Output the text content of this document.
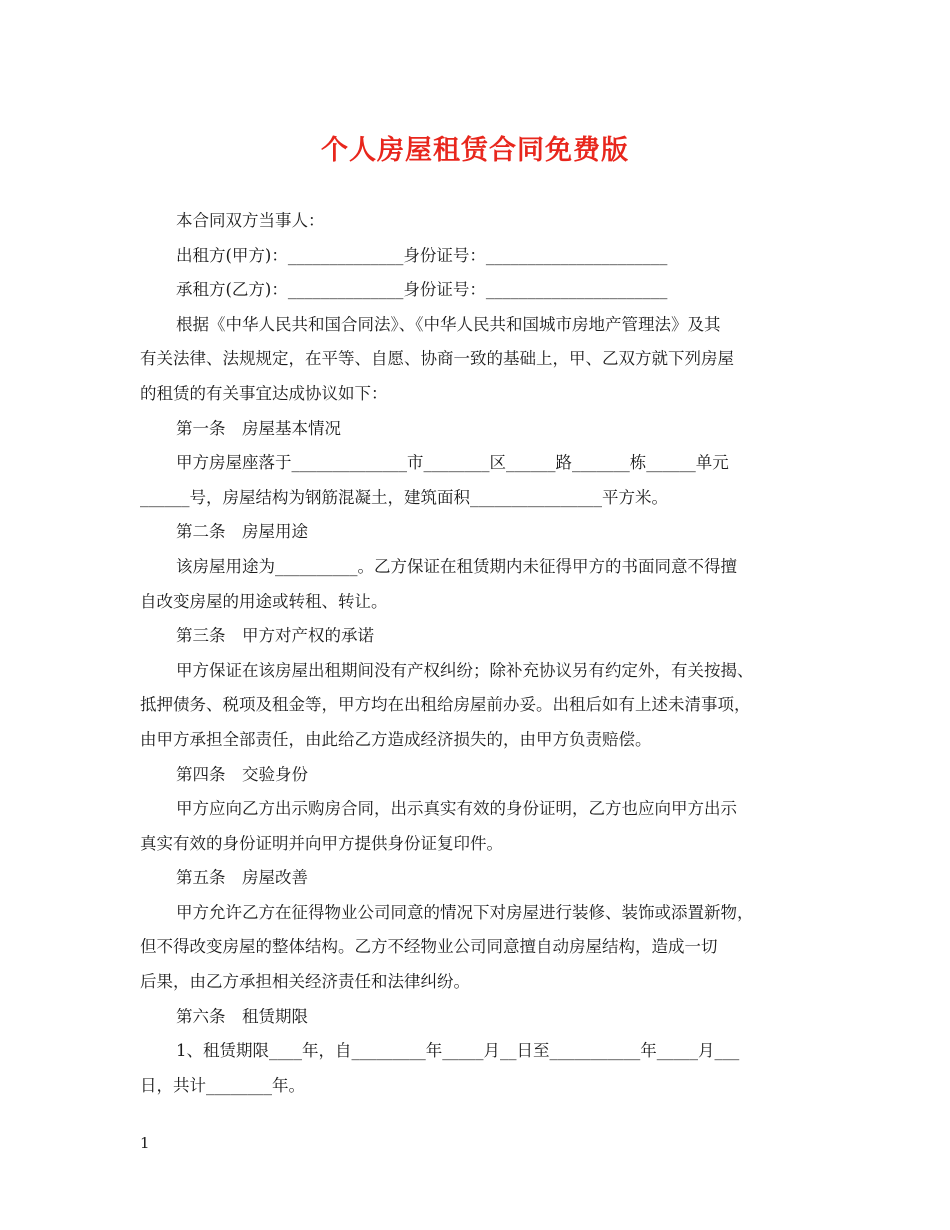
个人房屋租赁合同免费版
本合同双方当事人：
出租方(甲方)：______________身份证号：______________________
承租方(乙方)：______________身份证号：______________________
根据《中华人民共和国合同法》、《中华人民共和国城市房地产管理法》及其
有关法律、法规规定，在平等、自愿、协商一致的基础上，甲、乙双方就下列房屋
的租赁的有关事宜达成协议如下：
第一条　房屋基本情况
甲方房屋座落于______________市________区______路_______栋______单元
______号，房屋结构为钢筋混凝土，建筑面积________________平方米。
第二条　房屋用途
该房屋用途为__________。乙方保证在租赁期内未征得甲方的书面同意不得擅
自改变房屋的用途或转租、转让。
第三条　甲方对产权的承诺
甲方保证在该房屋出租期间没有产权纠纷；除补充协议另有约定外，有关按揭、
抵押债务、税项及租金等，甲方均在出租给房屋前办妥。出租后如有上述未清事项，
由甲方承担全部责任，由此给乙方造成经济损失的，由甲方负责赔偿。
第四条　交验身份
甲方应向乙方出示购房合同，出示真实有效的身份证明，乙方也应向甲方出示
真实有效的身份证明并向甲方提供身份证复印件。
第五条　房屋改善
甲方允许乙方在征得物业公司同意的情况下对房屋进行装修、装饰或添置新物，
但不得改变房屋的整体结构。乙方不经物业公司同意擅自动房屋结构，造成一切
后果，由乙方承担相关经济责任和法律纠纷。
第六条　租赁期限
1、租赁期限____年，自_________年_____月__日至___________年_____月___
日，共计________年。
1
